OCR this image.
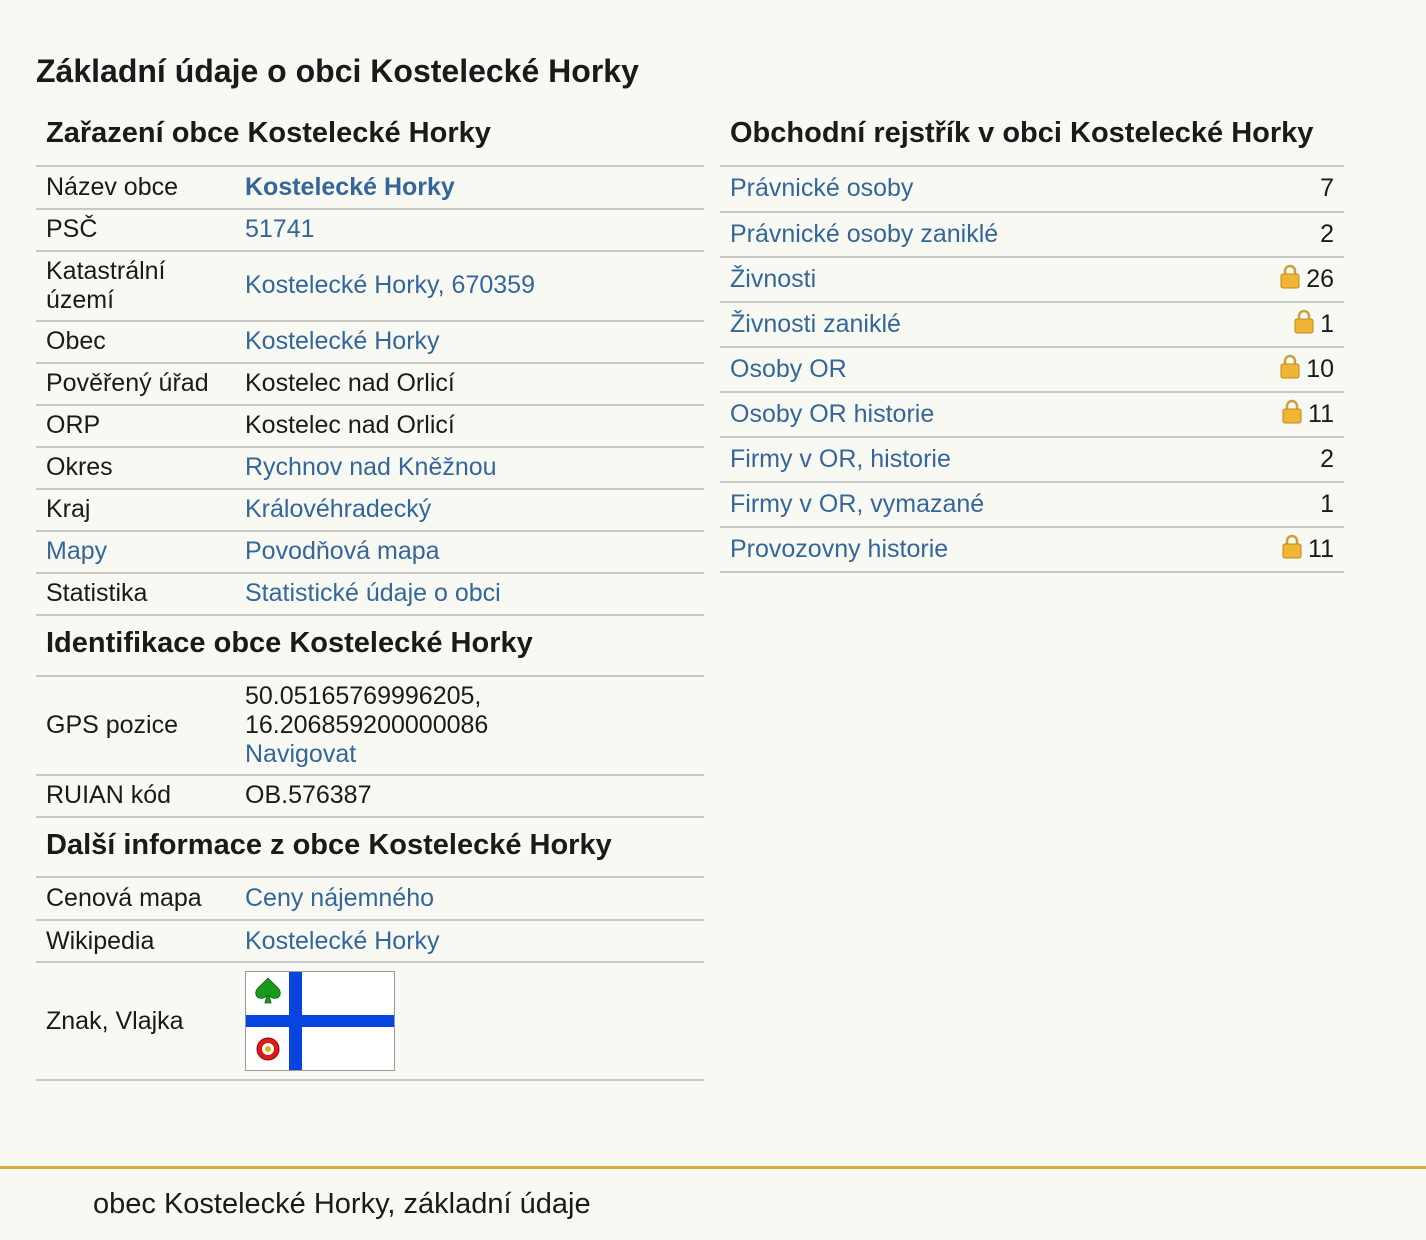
Základní údaje o obci Kostelecké Horky
Zařazení obce Kostelecké Horky
Název obce	Kostelecké Horky
PSČ	51741
Katastrální území	Kostelecké Horky, 670359
Obec	Kostelecké Horky
Pověřený úřad	Kostelec nad Orlicí
ORP	Kostelec nad Orlicí
Okres	Rychnov nad Kněžnou
Kraj	Královéhradecký
Mapy	Povodňová mapa
Statistika	Statistické údaje o obci
Identifikace obce Kostelecké Horky
GPS pozice	50.05165769996205,
16.206859200000086
Navigovat
RUIAN kód	OB.576387
Další informace z obce Kostelecké Horky
Cenová mapa	Ceny nájemného
Wikipedia	Kostelecké Horky
Znak, Vlajka	
Obchodní rejstřík v obci Kostelecké Horky
Právnické osoby	7
Právnické osoby zaniklé	2
Živnosti	26
Živnosti zaniklé	1
Osoby OR	10
Osoby OR historie	11
Firmy v OR, historie	2
Firmy v OR, vymazané	1
Provozovny historie	11
obec Kostelecké Horky, základní údaje
